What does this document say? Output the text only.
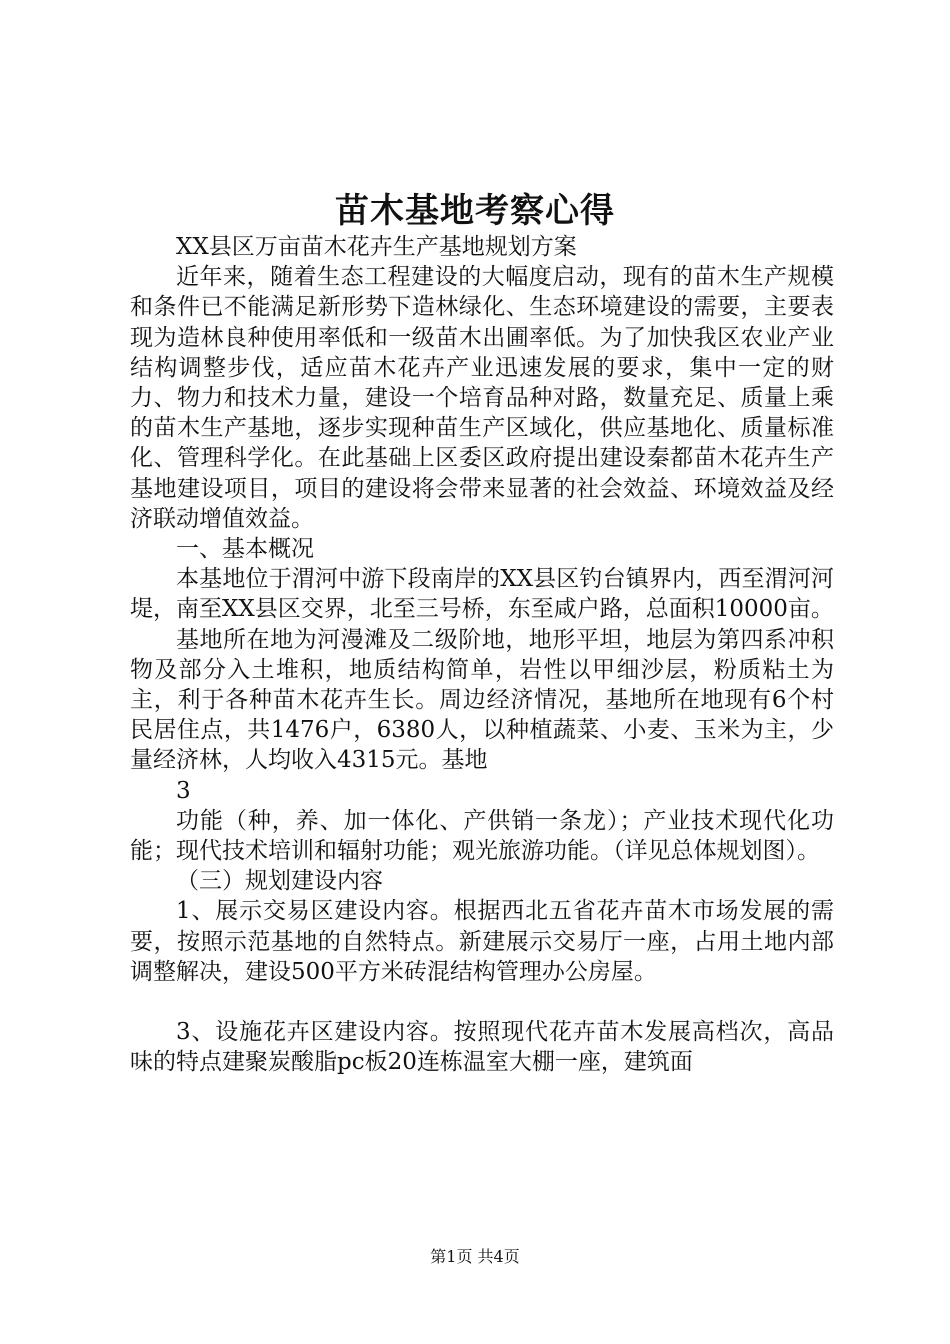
苗木基地考察心得

XX县区万亩苗木花卉生产基地规划方案

近年来，随着生态工程建设的大幅度启动，现有的苗木生产规模和条件已不能满足新形势下造林绿化、生态环境建设的需要，主要表现为造林良种使用率低和一级苗木出圃率低。为了加快我区农业产业结构调整步伐，适应苗木花卉产业迅速发展的要求，集中一定的财力、物力和技术力量，建设一个培育品种对路，数量充足、质量上乘的苗木生产基地，逐步实现种苗生产区域化，供应基地化、质量标准化、管理科学化。在此基础上区委区政府提出建设秦都苗木花卉生产基地建设项目，项目的建设将会带来显著的社会效益、环境效益及经济联动增值效益。

一、基本概况

本基地位于渭河中游下段南岸的XX县区钓台镇界内，西至渭河河堤，南至XX县区交界，北至三号桥，东至咸户路，总面积10000亩。

基地所在地为河漫滩及二级阶地，地形平坦，地层为第四系冲积物及部分入土堆积，地质结构简单，岩性以甲细沙层，粉质粘土为主，利于各种苗木花卉生长。周边经济情况，基地所在地现有6个村民居住点，共1476户，6380人，以种植蔬菜、小麦、玉米为主，少量经济林，人均收入4315元。基地

3

功能（种，养、加一体化、产供销一条龙）；产业技术现代化功能；现代技术培训和辐射功能；观光旅游功能。（详见总体规划图）。

（三）规划建设内容

1、展示交易区建设内容。根据西北五省花卉苗木市场发展的需要，按照示范基地的自然特点。新建展示交易厅一座，占用土地内部调整解决，建设500平方米砖混结构管理办公房屋。

3、设施花卉区建设内容。按照现代花卉苗木发展高档次，高品味的特点建聚炭酸脂pc板20连栋温室大棚一座，建筑面

第1页 共4页
